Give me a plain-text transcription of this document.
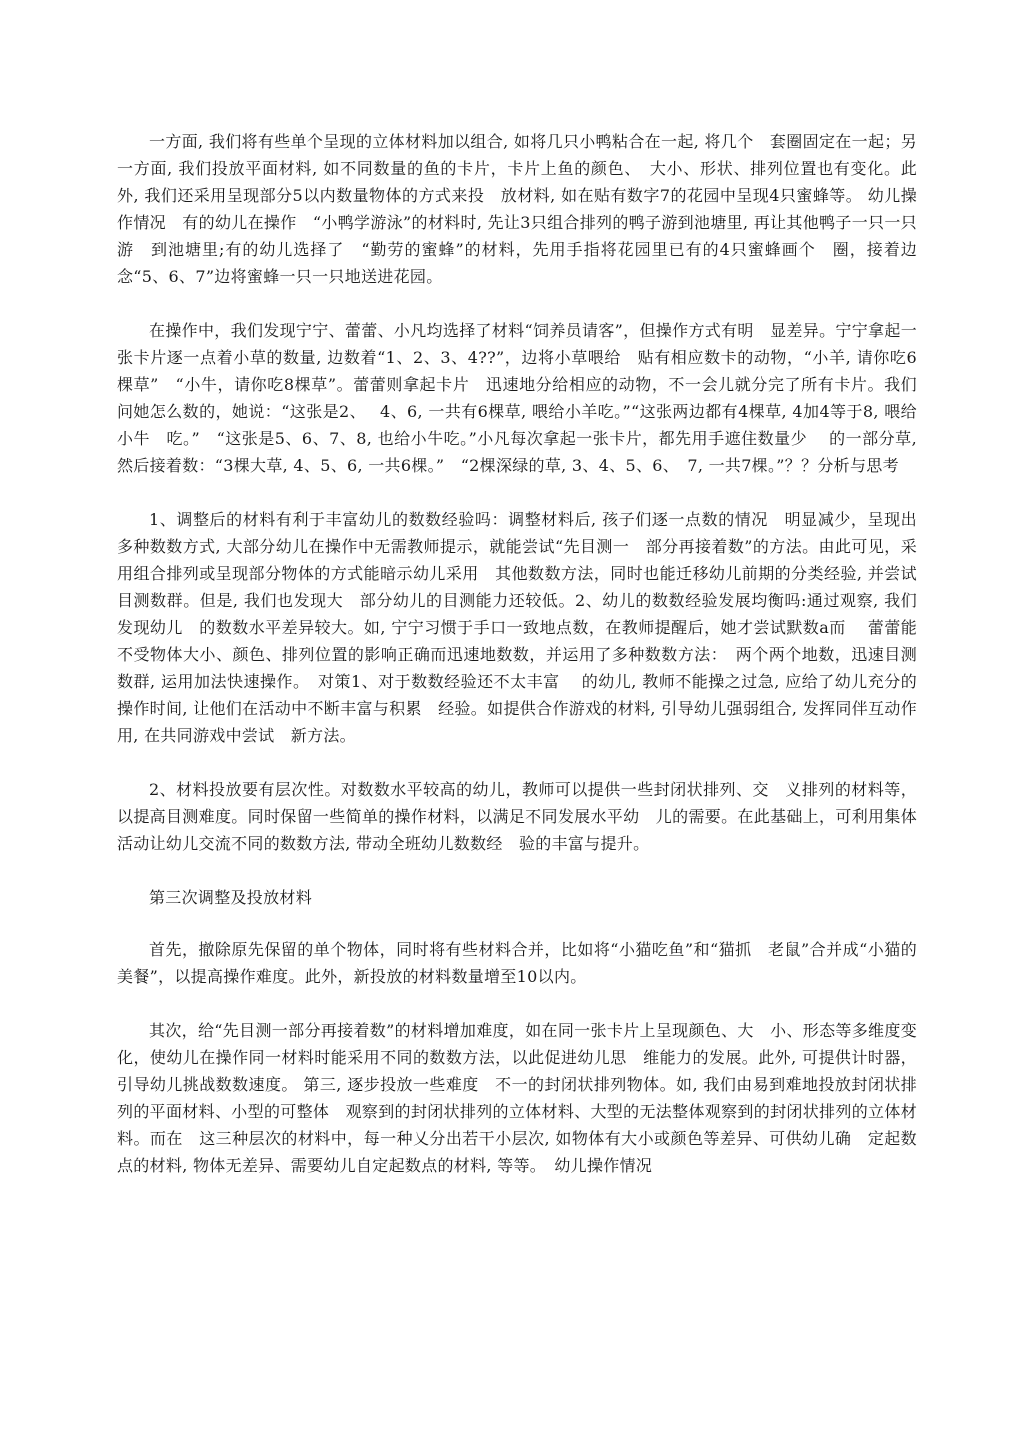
一方面, 我们将有些单个呈现的立体材料加以组合, 如将几只小鸭粘合在一起, 将几个　套圈固定在一起；另一方面, 我们投放平面材料, 如不同数量的鱼的卡片，卡片上鱼的颜色、　大小、形状、排列位置也有变化。此外, 我们还采用呈现部分5以内数量物体的方式来投　放材料, 如在贴有数字7的花园中呈现4只蜜蜂等。 幼儿操作情况　有的幼儿在操作　“小鸭学游泳”的材料时, 先让3只组合排列的鸭子游到池塘里, 再让其他鸭子一只一只游　到池塘里;有的幼儿选择了　“勤劳的蜜蜂”的材料，先用手指将花园里已有的4只蜜蜂画个　圈，接着边念“5、6、7”边将蜜蜂一只一只地送进花园。

在操作中，我们发现宁宁、蕾蕾、小凡均选择了材料“饲养员请客”，但操作方式有明　显差异。宁宁拿起一张卡片逐一点着小草的数量, 边数着“1、2、3、4??”，边将小草喂给　贴有相应数卡的动物，“小羊, 请你吃6棵草”　“小牛，请你吃8棵草”。蕾蕾则拿起卡片　迅速地分给相应的动物，不一会儿就分完了所有卡片。我们问她怎么数的，她说：“这张是2、　 4、6, 一共有6棵草, 喂给小羊吃。”“这张两边都有4棵草, 4加4等于8, 喂给小牛　吃。”　“这张是5、6、7、8, 也给小牛吃。”小凡每次拿起一张卡片，都先用手遮住数量少　 的一部分草, 然后接着数：“3棵大草, 4、5、6, 一共6棵。”　“2棵深绿的草, 3、4、5、6、　7, 一共7棵。”？？分析与思考

1、调整后的材料有利于丰富幼儿的数数经验吗：调整材料后, 孩子们逐一点数的情况　明显减少，呈现出多种数数方式, 大部分幼儿在操作中无需教师提示，就能尝试“先目测一　部分再接着数”的方法。由此可见，采用组合排列或呈现部分物体的方式能暗示幼儿采用　其他数数方法，同时也能迁移幼儿前期的分类经验, 并尝试目测数群。但是, 我们也发现大　部分幼儿的目测能力还较低。2、幼儿的数数经验发展均衡吗:通过观察, 我们发现幼儿　的数数水平差异较大。如, 宁宁习惯于手口一致地点数，在教师提醒后，她才尝试默数a而　 蕾蕾能不受物体大小、颜色、排列位置的影响正确而迅速地数数，并运用了多种数数方法：　两个两个地数，迅速目测数群, 运用加法快速操作。　对策1、对于数数经验还不太丰富　 的幼儿, 教师不能操之过急, 应给了幼儿充分的操作时间, 让他们在活动中不断丰富与积累　经验。如提供合作游戏的材料, 引导幼儿强弱组合, 发挥同伴互动作用, 在共同游戏中尝试　新方法。

2、材料投放要有层次性。对数数水平较高的幼儿，教师可以提供一些封闭状排列、交　义排列的材料等，以提高目测难度。同时保留一些简单的操作材料，以满足不同发展水平幼　儿的需要。在此基础上，可利用集体活动让幼儿交流不同的数数方法, 带动全班幼儿数数经　验的丰富与提升。

第三次调整及投放材料

首先，撤除原先保留的单个物体，同时将有些材料合并，比如将“小猫吃鱼”和“猫抓　老鼠”合并成“小猫的美餐”，以提高操作难度。此外，新投放的材料数量增至10以内。

其次，给“先目测一部分再接着数”的材料增加难度，如在同一张卡片上呈现颜色、大　小、形态等多维度变化，使幼儿在操作同一材料时能采用不同的数数方法，以此促进幼儿思　维能力的发展。此外, 可提供计时器，引导幼儿挑战数数速度。 第三, 逐步投放一些难度　不一的封闭状排列物体。如, 我们由易到难地投放封闭状排列的平面材料、小型的可整体　观察到的封闭状排列的立体材料、大型的无法整体观察到的封闭状排列的立体材料。而在　这三种层次的材料中，每一种乂分出若干小层次, 如物体有大小或颜色等差异、可供幼儿确　定起数点的材料, 物体无差异、需要幼儿自定起数点的材料, 等等。　幼儿操作情况
